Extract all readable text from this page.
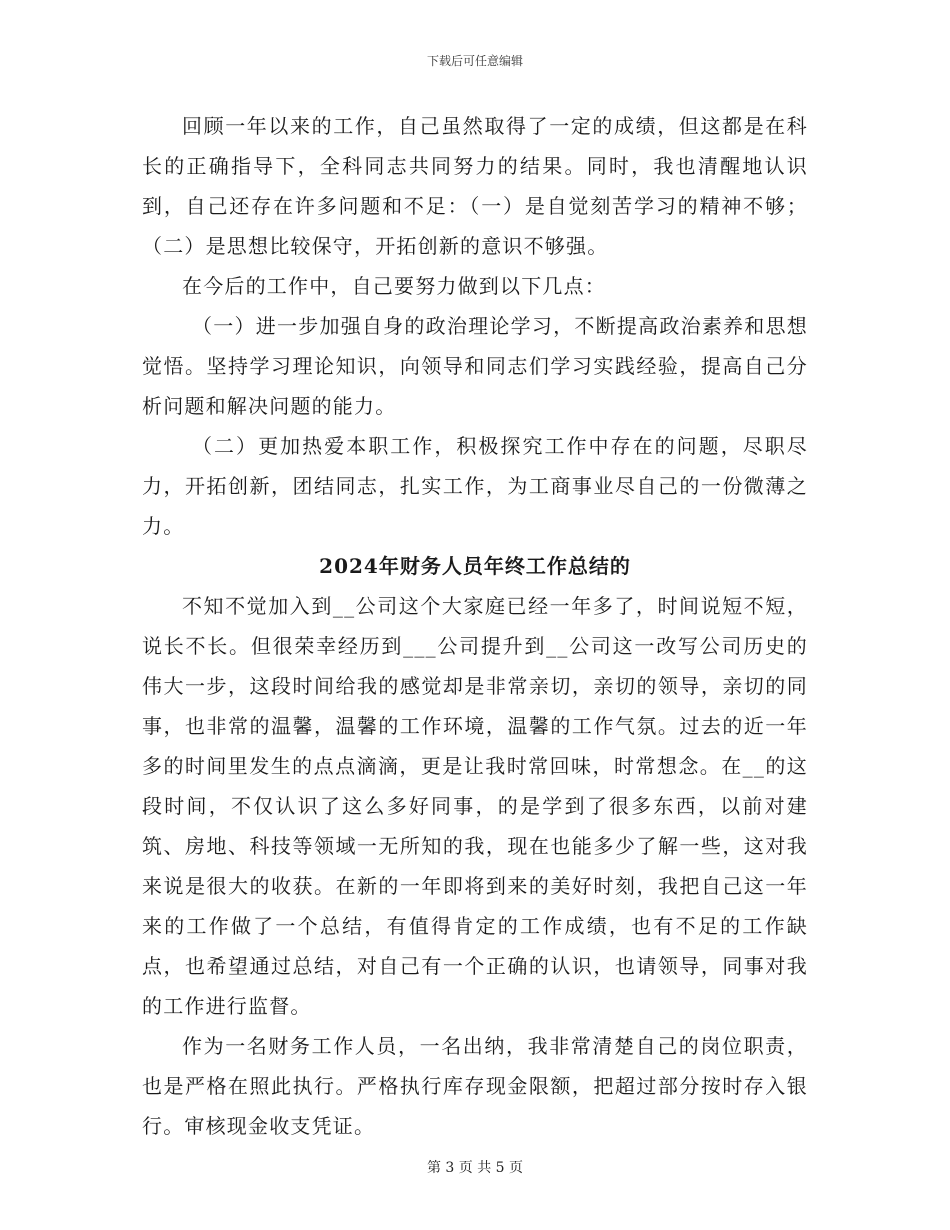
下载后可任意编辑

回顾一年以来的工作，自己虽然取得了一定的成绩，但这都是在科长的正确指导下，全科同志共同努力的结果。同时，我也清醒地认识到，自己还存在许多问题和不足：（一）是自觉刻苦学习的精神不够；（二）是思想比较保守，开拓创新的意识不够强。

在今后的工作中，自己要努力做到以下几点：

（一）进一步加强自身的政治理论学习，不断提高政治素养和思想觉悟。坚持学习理论知识，向领导和同志们学习实践经验，提高自己分析问题和解决问题的能力。

（二）更加热爱本职工作，积极探究工作中存在的问题，尽职尽力，开拓创新，团结同志，扎实工作，为工商事业尽自己的一份微薄之力。

2024年财务人员年终工作总结的

不知不觉加入到__公司这个大家庭已经一年多了，时间说短不短，说长不长。但很荣幸经历到___公司提升到__公司这一改写公司历史的伟大一步，这段时间给我的感觉却是非常亲切，亲切的领导，亲切的同事，也非常的温馨，温馨的工作环境，温馨的工作气氛。过去的近一年多的时间里发生的点点滴滴，更是让我时常回味，时常想念。在__的这段时间，不仅认识了这么多好同事，的是学到了很多东西，以前对建筑、房地、科技等领域一无所知的我，现在也能多少了解一些，这对我来说是很大的收获。在新的一年即将到来的美好时刻，我把自己这一年来的工作做了一个总结，有值得肯定的工作成绩，也有不足的工作缺点，也希望通过总结，对自己有一个正确的认识，也请领导，同事对我的工作进行监督。

作为一名财务工作人员，一名出纳，我非常清楚自己的岗位职责，也是严格在照此执行。严格执行库存现金限额，把超过部分按时存入银行。审核现金收支凭证。

第 3 页 共 5 页
